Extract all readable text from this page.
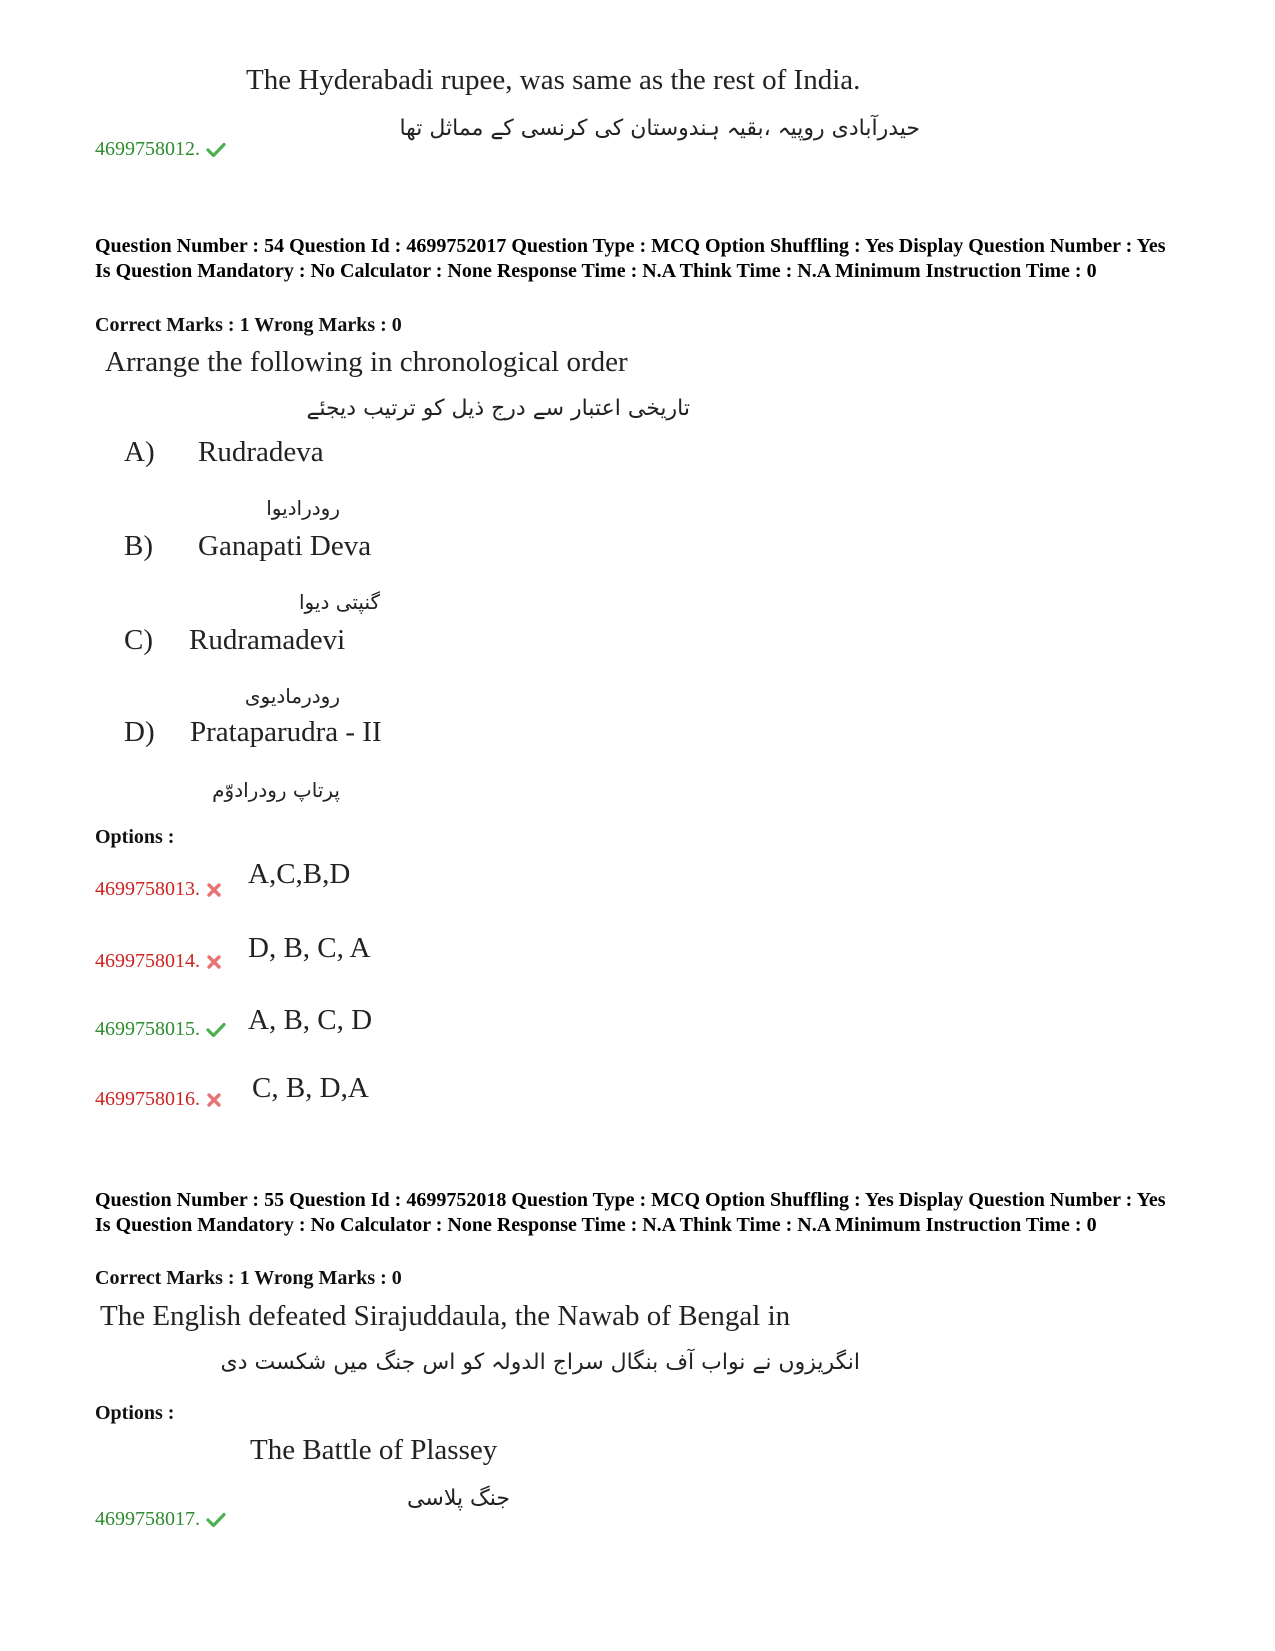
The Hyderabadi rupee, was same as the rest of India.
حیدرآبادی روپیہ ،بقیہ ہندوستان کی کرنسی کے مماثل تھا
4699758012.
Question Number : 54 Question Id : 4699752017 Question Type : MCQ Option Shuffling : Yes Display Question Number : Yes Is Question Mandatory : No Calculator : None Response Time : N.A Think Time : N.A Minimum Instruction Time : 0
Correct Marks : 1 Wrong Marks : 0
Arrange the following in chronological order
تاریخی اعتبار سے درج ذیل کو ترتیب دیجئے
A) Rudradeva
رودرادیوا
B) Ganapati Deva
گنپتی دیوا
C) Rudramadevi
رودرمادیوی
D) Prataparudra - II
پرتاپ رودرادوّم
Options :
4699758013.	A,C,B,D
4699758014.	D, B, C, A
4699758015.	A, B, C, D
4699758016.	C, B, D,A
Question Number : 55 Question Id : 4699752018 Question Type : MCQ Option Shuffling : Yes Display Question Number : Yes Is Question Mandatory : No Calculator : None Response Time : N.A Think Time : N.A Minimum Instruction Time : 0
Correct Marks : 1 Wrong Marks : 0
The English defeated Sirajuddaula, the Nawab of Bengal in
انگریزوں نے نواب آف بنگال سراج الدولہ کو اس جنگ میں شکست دی
Options :
The Battle of Plassey
جنگ پلاسی
4699758017.
